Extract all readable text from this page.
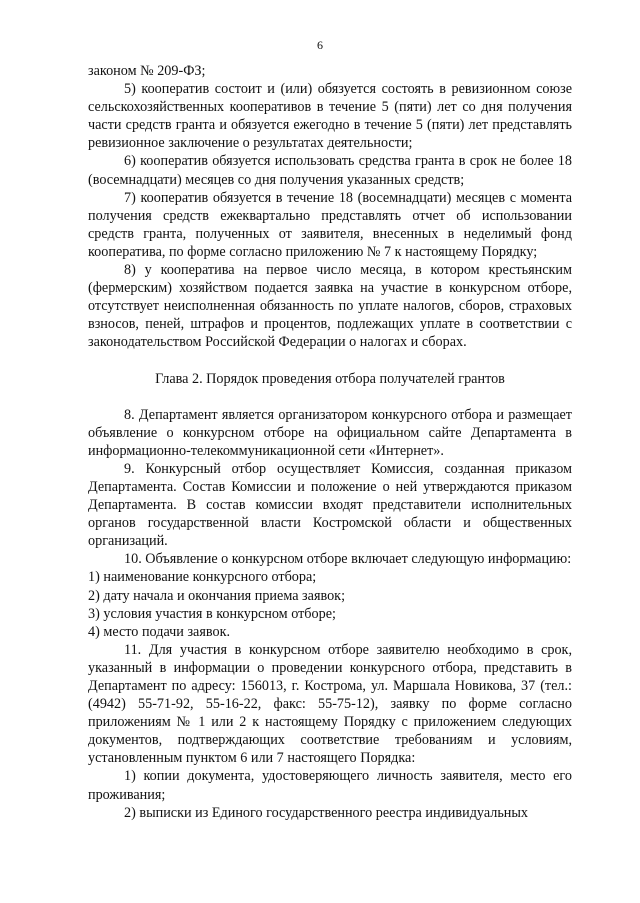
6

законом № 209-ФЗ;

5) кооператив состоит и (или) обязуется состоять в ревизионном союзе сельскохозяйственных кооперативов в течение 5 (пяти) лет со дня получения части средств гранта и обязуется ежегодно в течение 5 (пяти) лет представлять ревизионное заключение о результатах деятельности;

6) кооператив обязуется использовать средства гранта в срок не более 18 (восемнадцати) месяцев со дня получения указанных средств;

7) кооператив обязуется в течение 18 (восемнадцати) месяцев с момента получения средств ежеквартально представлять отчет об использовании средств гранта, полученных от заявителя, внесенных в неделимый фонд кооператива, по форме согласно приложению № 7 к настоящему Порядку;

8) у кооператива на первое число месяца, в котором крестьянским (фермерским) хозяйством подается заявка на участие в конкурсном отборе, отсутствует неисполненная обязанность по уплате налогов, сборов, страховых взносов, пеней, штрафов и процентов, подлежащих уплате в соответствии с законодательством Российской Федерации о налогах и сборах.

Глава 2. Порядок проведения отбора получателей грантов

8. Департамент является организатором конкурсного отбора и размещает объявление о конкурсном отборе на официальном сайте Департамента в информационно-телекоммуникационной сети «Интернет».

9. Конкурсный отбор осуществляет Комиссия, созданная приказом Департамента. Состав Комиссии и положение о ней утверждаются приказом Департамента. В состав комиссии входят представители исполнительных органов государственной власти Костромской области и общественных организаций.

10. Объявление о конкурсном отборе включает следующую информацию:

1) наименование конкурсного отбора;

2) дату начала и окончания приема заявок;

3) условия участия в конкурсном отборе;

4) место подачи заявок.

11. Для участия в конкурсном отборе заявителю необходимо в срок, указанный в информации о проведении конкурсного отбора, представить в Департамент по адресу: 156013, г. Кострома, ул. Маршала Новикова, 37 (тел.: (4942) 55-71-92, 55-16-22, факс: 55-75-12), заявку по форме согласно приложениям № 1 или 2 к настоящему Порядку с приложением следующих документов, подтверждающих соответствие требованиям и условиям, установленным пунктом 6 или 7 настоящего Порядка:

1) копии документа, удостоверяющего личность заявителя, место его проживания;

2) выписки из Единого государственного реестра индивидуальных
